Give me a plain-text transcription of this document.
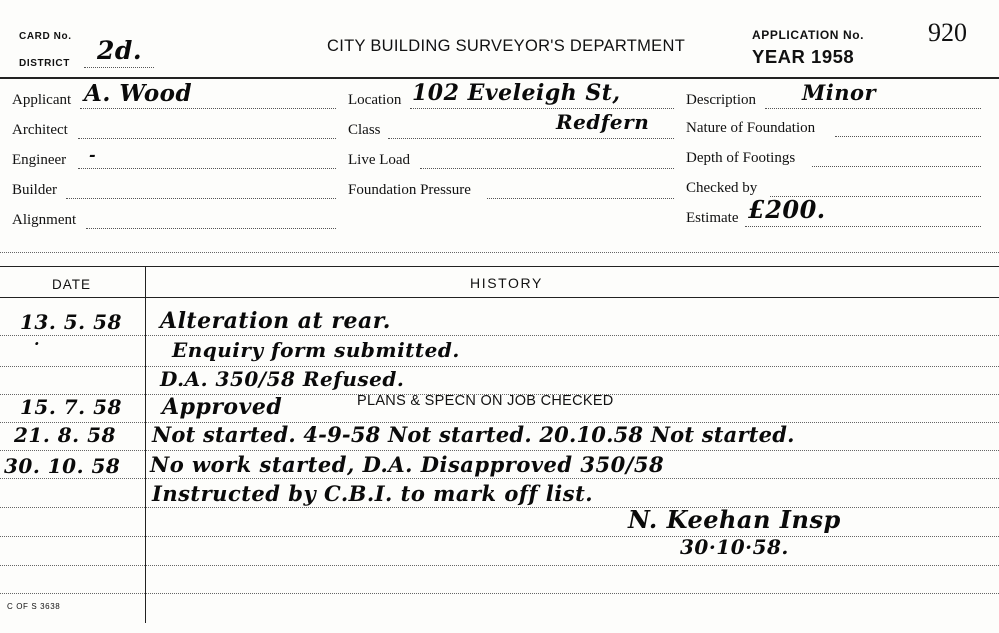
CARD No.
DISTRICT 2d.	CITY BUILDING SURVEYOR'S DEPARTMENT
APPLICATION No. 920
YEAR 1958
Applicant A. Wood
Architect
Engineer -
Builder
Alignment
Location 102 Eveleigh St,
Class	Redfern
Live Load
Foundation Pressure
Description Minor
Nature of Foundation
Depth of Footings
Checked by
Estimate £200.
DATE	HISTORY
13. 5. 58 Alteration at rear.
·	Enquiry form submitted.
D.A. 350/58 Refused.
15. 7. 58 Approved	PLANS & SPECN ON JOB CHECKED
21. 8. 58 Not started. 4-9-58 Not started. 20.10.58 Not started.
30. 10. 58 No work started, D.A. Disapproved 350/58
Instructed by C.B.I. to mark off list.
N. Keehan Insp
30·10·58.
C OF S 3638
